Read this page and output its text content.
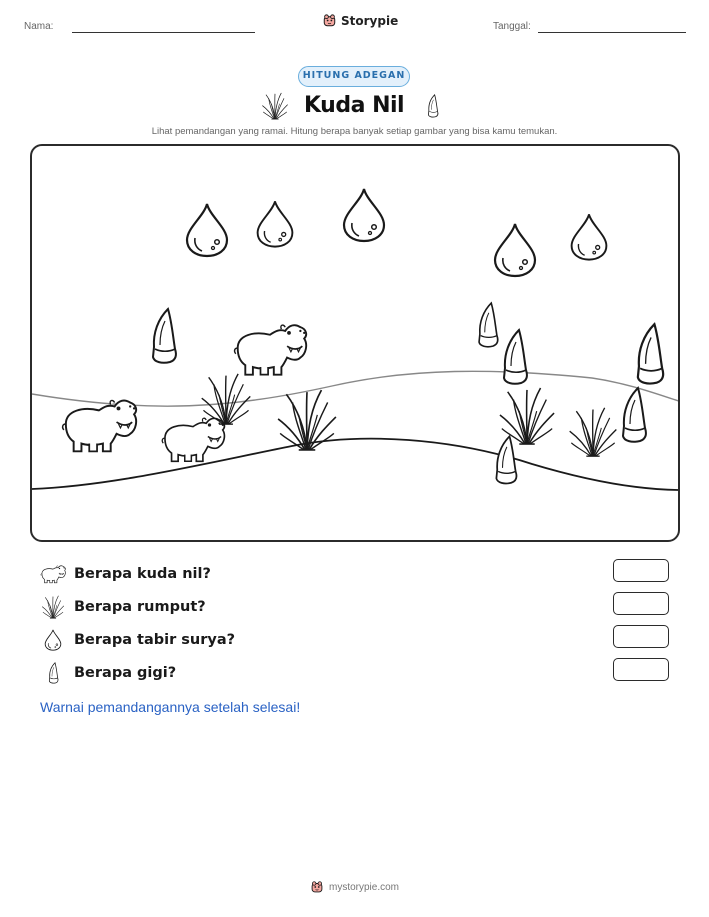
Nama:	Storypie	Tanggal:
HITUNG ADEGAN
Kuda Nil
Lihat pemandangan yang ramai. Hitung berapa banyak setiap gambar yang bisa kamu temukan.
Berapa kuda nil?
Berapa rumput?
Berapa tabir surya?
Berapa gigi?
Warnai pemandangannya setelah selesai!
mystorypie.com
